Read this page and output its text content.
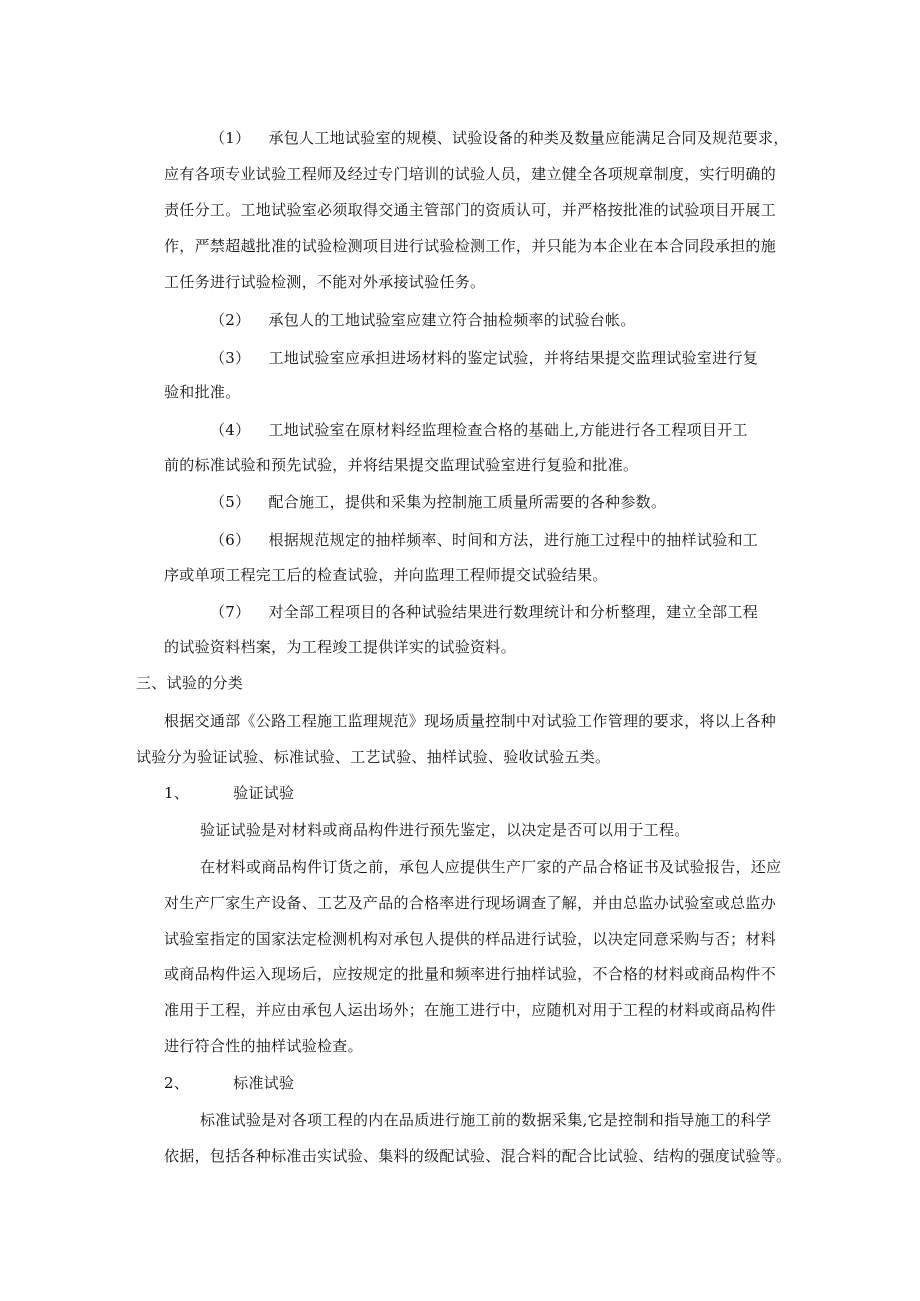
（1） 承包人工地试验室的规模、试验设备的种类及数量应能满足合同及规范要求，
应有各项专业试验工程师及经过专门培训的试验人员，建立健全各项规章制度，实行明确的
责任分工。工地试验室必须取得交通主管部门的资质认可，并严格按批准的试验项目开展工
作，严禁超越批准的试验检测项目进行试验检测工作，并只能为本企业在本合同段承担的施
工任务进行试验检测，不能对外承接试验任务。
（2） 承包人的工地试验室应建立符合抽检频率的试验台帐。
（3） 工地试验室应承担进场材料的鉴定试验，并将结果提交监理试验室进行复
验和批准。
（4） 工地试验室在原材料经监理检查合格的基础上,方能进行各工程项目开工
前的标准试验和预先试验，并将结果提交监理试验室进行复验和批准。
（5） 配合施工，提供和采集为控制施工质量所需要的各种参数。
（6） 根据规范规定的抽样频率、时间和方法，进行施工过程中的抽样试验和工
序或单项工程完工后的检查试验，并向监理工程师提交试验结果。
（7） 对全部工程项目的各种试验结果进行数理统计和分析整理，建立全部工程
的试验资料档案，为工程竣工提供详实的试验资料。
三、试验的分类
根据交通部《公路工程施工监理规范》现场质量控制中对试验工作管理的要求，将以上各种
试验分为验证试验、标准试验、工艺试验、抽样试验、验收试验五类。
1、	验证试验
验证试验是对材料或商品构件进行预先鉴定，以决定是否可以用于工程。
在材料或商品构件订货之前，承包人应提供生产厂家的产品合格证书及试验报告，还应
对生产厂家生产设备、工艺及产品的合格率进行现场调查了解，并由总监办试验室或总监办
试验室指定的国家法定检测机构对承包人提供的样品进行试验，以决定同意采购与否；材料
或商品构件运入现场后，应按规定的批量和频率进行抽样试验，不合格的材料或商品构件不
准用于工程，并应由承包人运出场外；在施工进行中，应随机对用于工程的材料或商品构件
进行符合性的抽样试验检查。
2、	标准试验
标准试验是对各项工程的内在品质进行施工前的数据采集,它是控制和指导施工的科学
依据，包括各种标准击实试验、集料的级配试验、混合料的配合比试验、结构的强度试验等。
